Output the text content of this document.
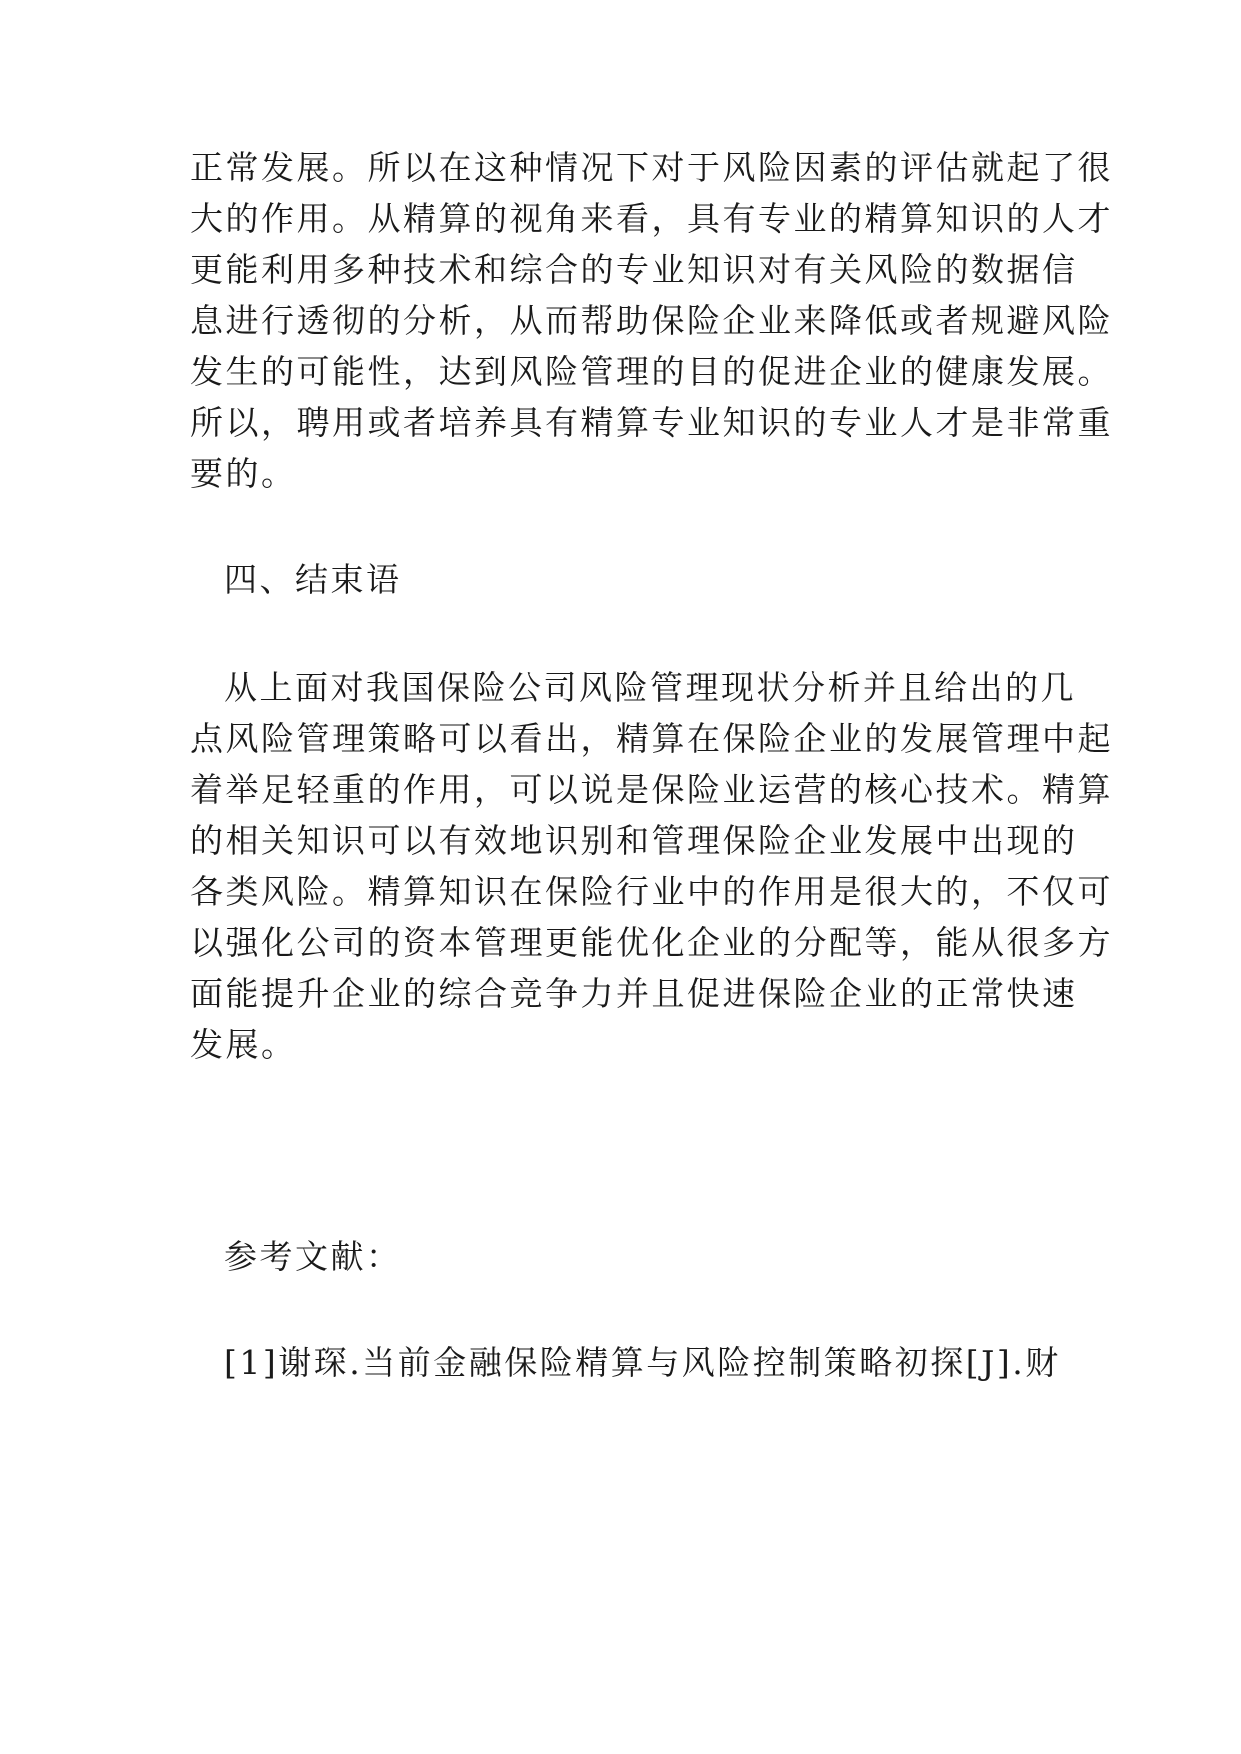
正常发展。所以在这种情况下对于风险因素的评估就起了很
大的作用。从精算的视角来看，具有专业的精算知识的人才
更能利用多种技术和综合的专业知识对有关风险的数据信
息进行透彻的分析，从而帮助保险企业来降低或者规避风险
发生的可能性，达到风险管理的目的促进企业的健康发展。
所以，聘用或者培养具有精算专业知识的专业人才是非常重
要的。
四、结束语
从上面对我国保险公司风险管理现状分析并且给出的几
点风险管理策略可以看出，精算在保险企业的发展管理中起
着举足轻重的作用，可以说是保险业运营的核心技术。精算
的相关知识可以有效地识别和管理保险企业发展中出现的
各类风险。精算知识在保险行业中的作用是很大的，不仅可
以强化公司的资本管理更能优化企业的分配等，能从很多方
面能提升企业的综合竞争力并且促进保险企业的正常快速
发展。
参考文献：
[1]谢琛.当前金融保险精算与风险控制策略初探[J].财
